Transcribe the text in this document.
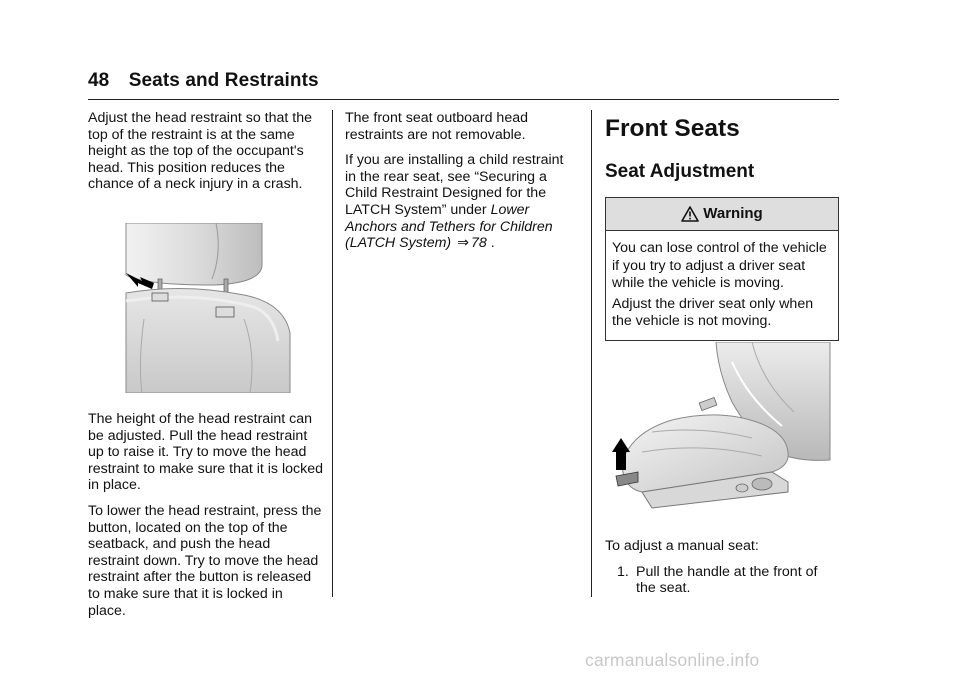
48 Seats and Restraints

Adjust the head restraint so that the top of the restraint is at the same height as the top of the occupant's head. This position reduces the chance of a neck injury in a crash.

The height of the head restraint can be adjusted. Pull the head restraint up to raise it. Try to move the head restraint to make sure that it is locked in place.

To lower the head restraint, press the button, located on the top of the seatback, and push the head restraint down. Try to move the head restraint after the button is released to make sure that it is locked in place.

The front seat outboard head restraints are not removable.

If you are installing a child restraint in the rear seat, see “Securing a Child Restraint Designed for the LATCH System” under Lower Anchors and Tethers for Children (LATCH System) ⇒ 78 .

Front Seats
Seat Adjustment
Warning

You can lose control of the vehicle if you try to adjust a driver seat while the vehicle is moving.

Adjust the driver seat only when the vehicle is not moving.

To adjust a manual seat:

1. Pull the handle at the front of the seat.
carmanualsonline.info
